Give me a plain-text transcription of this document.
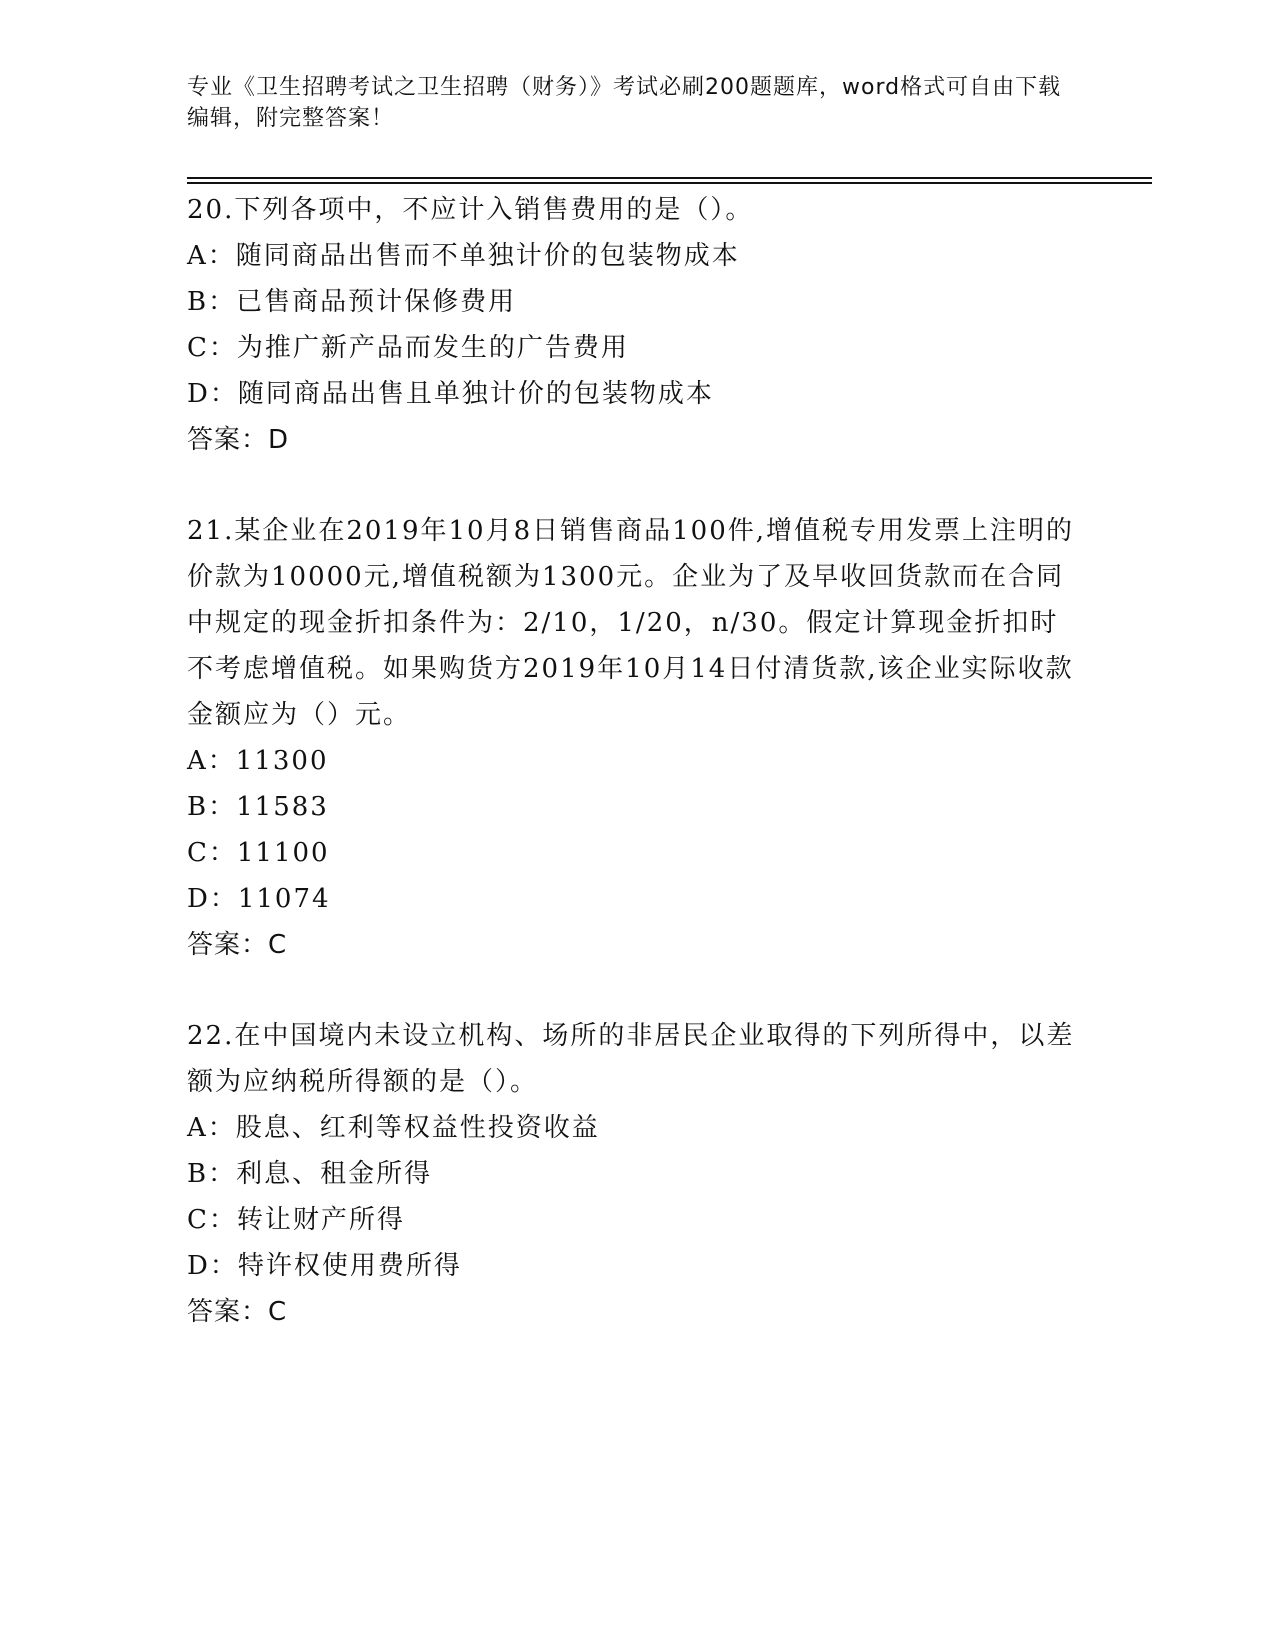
专业《卫生招聘考试之卫生招聘（财务）》考试必刷200题题库，word格式可自由下载编辑，附完整答案！
20.下列各项中，不应计入销售费用的是（）。
A：随同商品出售而不单独计价的包装物成本
B：已售商品预计保修费用
C：为推广新产品而发生的广告费用
D：随同商品出售且单独计价的包装物成本
答案：D
21.某企业在2019年10月8日销售商品100件,增值税专用发票上注明的价款为10000元,增值税额为1300元。企业为了及早收回货款而在合同中规定的现金折扣条件为：2/10，1/20，n/30。假定计算现金折扣时不考虑增值税。如果购货方2019年10月14日付清货款,该企业实际收款金额应为（）元。
A：11300
B：11583
C：11100
D：11074
答案：C
22.在中国境内未设立机构、场所的非居民企业取得的下列所得中，以差额为应纳税所得额的是（）。
A：股息、红利等权益性投资收益
B：利息、租金所得
C：转让财产所得
D：特许权使用费所得
答案：C
